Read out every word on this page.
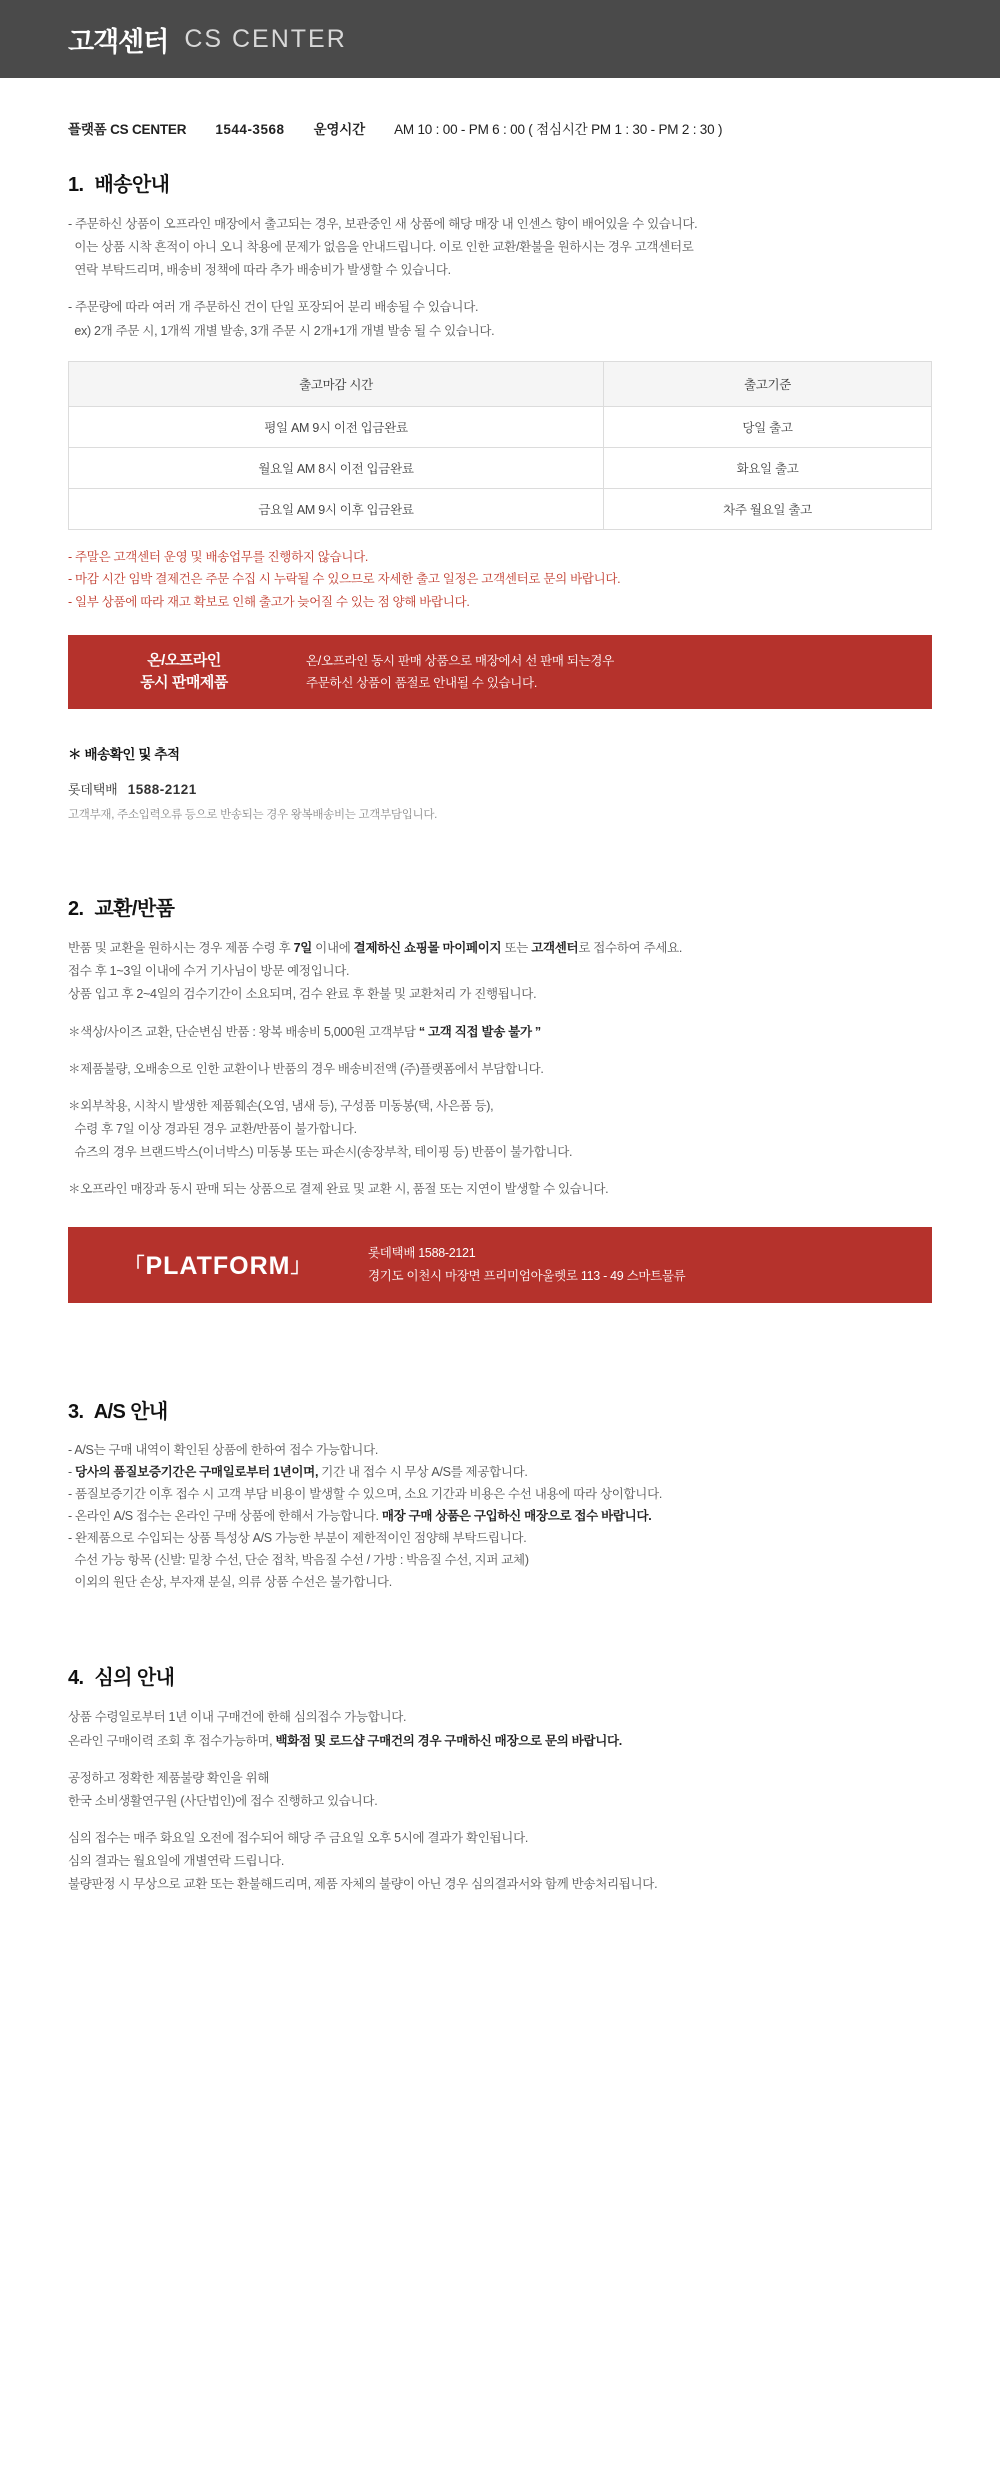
고객센터 CS CENTER
플랫폼 CS CENTER 1544-3568 운영시간 AM 10 : 00 - PM 6 : 00 ( 점심시간 PM 1 : 30 - PM 2 : 30 )
1. 배송안내

- 주문하신 상품이 오프라인 매장에서 출고되는 경우, 보관중인 새 상품에 해당 매장 내 인센스 향이 배어있을 수 있습니다.
이는 상품 시착 흔적이 아니 오니 착용에 문제가 없음을 안내드립니다. 이로 인한 교환/환불을 원하시는 경우 고객센터로
연락 부탁드리며, 배송비 정책에 따라 추가 배송비가 발생할 수 있습니다.

- 주문량에 따라 여러 개 주문하신 건이 단일 포장되어 분리 배송될 수 있습니다.
ex) 2개 주문 시, 1개씩 개별 발송, 3개 주문 시 2개+1개 개별 발송 될 수 있습니다.

출고마감 시간	출고기준
평일 AM 9시 이전 입금완료	당일 출고
월요일 AM 8시 이전 입금완료	화요일 출고
금요일 AM 9시 이후 입금완료	차주 월요일 출고
- 주말은 고객센터 운영 및 배송업무를 진행하지 않습니다.
- 마감 시간 임박 결제건은 주문 수집 시 누락될 수 있으므로 자세한 출고 일정은 고객센터로 문의 바랍니다.
- 일부 상품에 따라 재고 확보로 인해 출고가 늦어질 수 있는 점 양해 바랍니다.
온/오프라인
동시 판매제품
온/오프라인 동시 판매 상품으로 매장에서 선 판매 되는경우
주문하신 상품이 품절로 안내될 수 있습니다.
＊ 배송확인 및 추적
롯데택배 1588-2121
고객부재, 주소입력오류 등으로 반송되는 경우 왕복배송비는 고객부담입니다.
2. 교환/반품

반품 및 교환을 원하시는 경우 제품 수령 후 7일 이내에 결제하신 쇼핑몰 마이페이지 또는 고객센터로 접수하여 주세요.
접수 후 1~3일 이내에 수거 기사님이 방문 예정입니다.
상품 입고 후 2~4일의 검수기간이 소요되며, 검수 완료 후 환불 및 교환처리 가 진행됩니다.

＊색상/사이즈 교환, 단순변심 반품 : 왕복 배송비 5,000원 고객부담 “ 고객 직접 발송 불가 ”

＊제품불량, 오배송으로 인한 교환이나 반품의 경우 배송비전액 (주)플랫폼에서 부담합니다.

＊외부착용, 시착시 발생한 제품훼손(오염, 냄새 등), 구성품 미동봉(택, 사은품 등),
수령 후 7일 이상 경과된 경우 교환/반품이 불가합니다.
슈즈의 경우 브랜드박스(이너박스) 미동봉 또는 파손시(송장부착, 테이핑 등) 반품이 불가합니다.

＊오프라인 매장과 동시 판매 되는 상품으로 결제 완료 및 교환 시, 품절 또는 지연이 발생할 수 있습니다.

「PLATFORM」
롯데택배 1588-2121
경기도 이천시 마장면 프리미엄아울렛로 113 - 49 스마트물류
3. A/S 안내

- A/S는 구매 내역이 확인된 상품에 한하여 접수 가능합니다.
- 당사의 품질보증기간은 구매일로부터 1년이며, 기간 내 접수 시 무상 A/S를 제공합니다.
- 품질보증기간 이후 접수 시 고객 부담 비용이 발생할 수 있으며, 소요 기간과 비용은 수선 내용에 따라 상이합니다.
- 온라인 A/S 접수는 온라인 구매 상품에 한해서 가능합니다. 매장 구매 상품은 구입하신 매장으로 접수 바랍니다.
- 완제품으로 수입되는 상품 특성상 A/S 가능한 부분이 제한적이인 점양해 부탁드립니다.
수선 가능 항목 (신발: 밑창 수선, 단순 접착, 박음질 수선 / 가방 : 박음질 수선, 지퍼 교체)
이외의 원단 손상, 부자재 분실, 의류 상품 수선은 불가합니다.

4. 심의 안내

상품 수령일로부터 1년 이내 구매건에 한해 심의접수 가능합니다.
온라인 구매이력 조회 후 접수가능하며, 백화점 및 로드샵 구매건의 경우 구매하신 매장으로 문의 바랍니다.

공정하고 정확한 제품불량 확인을 위해
한국 소비생활연구원 (사단법인)에 접수 진행하고 있습니다.

심의 접수는 매주 화요일 오전에 접수되어 해당 주 금요일 오후 5시에 결과가 확인됩니다.
심의 결과는 월요일에 개별연락 드립니다.
불량판정 시 무상으로 교환 또는 환불해드리며, 제품 자체의 불량이 아닌 경우 심의결과서와 함께 반송처리됩니다.
